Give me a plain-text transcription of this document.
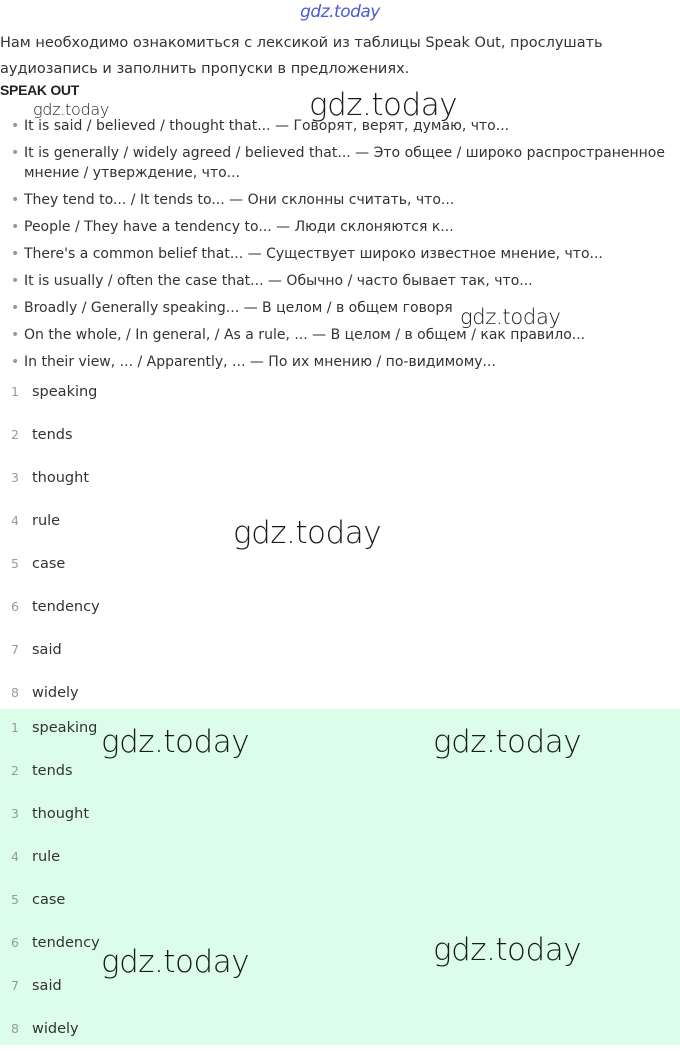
gdz.today
Нам необходимо ознакомиться с лексикой из таблицы Speak Out, прослушать аудиозапись и заполнить пропуски в предложениях.
SPEAK OUT
• It is said / believed / thought that... — Говорят, верят, думаю, что...
• It is generally / widely agreed / believed that... — Это общее / широко распространенное мнение / утверждение, что...
• They tend to... / It tends to... — Они склонны считать, что...
• People / They have a tendency to... — Люди склоняются к...
• There's a common belief that... — Существует широко известное мнение, что...
• It is usually / often the case that... — Обычно / часто бывает так, что...
• Broadly / Generally speaking... — В целом / в общем говоря
• On the whole, / In general, / As a rule, ... — В целом / в общем / как правило...
• In their view, ... / Apparently, ... — По их мнению / по-видимому...
1 speaking
2 tends
3 thought
4 rule
5 case
6 tendency
7 said
8 widely
1 speaking
2 tends
3 thought
4 rule
5 case
6 tendency
7 said
8 widely
gdz.today	gdz.today
gdz.today
gdz.today
gdz.today	gdz.today
gdz.today
gdz.today
